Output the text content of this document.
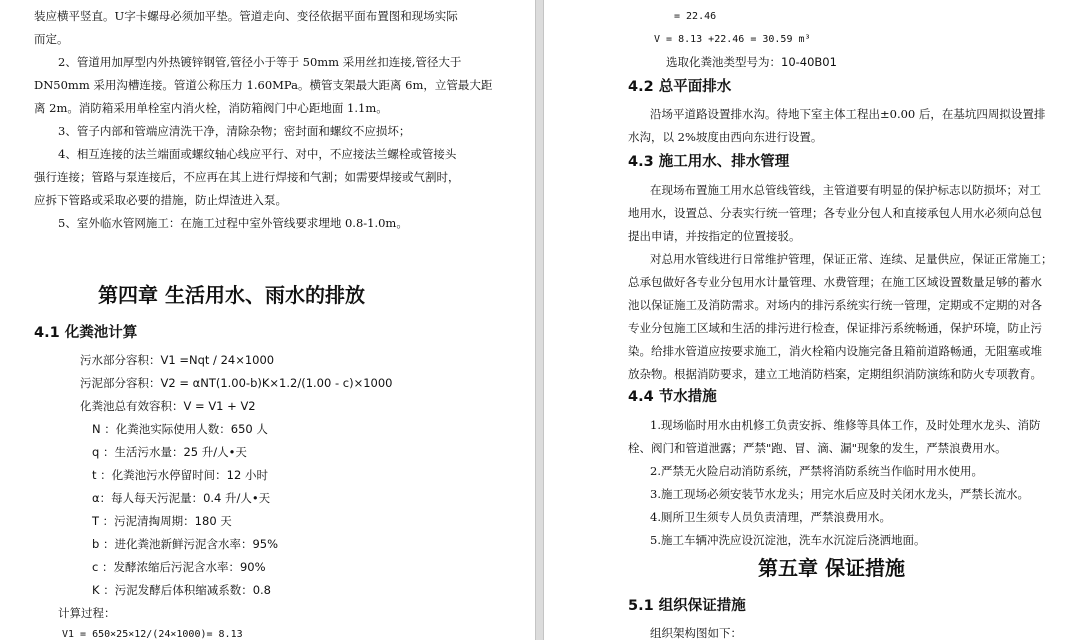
装应横平竖直。U字卡螺母必须加平垫。管道走向、变径依据平面布置图和现场实际
而定。
2、管道用加厚型内外热镀锌钢管,管径小于等于 50mm 采用丝扣连接,管径大于
DN50mm 采用沟槽连接。管道公称压力 1.60MPa。横管支架最大距离 6m，立管最大距
离 2m。消防箱采用单栓室内消火栓，消防箱阀门中心距地面 1.1m。
3、管子内部和管端应清洗干净，清除杂物；密封面和螺纹不应损坏；
4、相互连接的法兰端面或螺纹轴心线应平行、对中，不应接法兰螺栓或管接头
强行连接；管路与泵连接后，不应再在其上进行焊接和气割；如需要焊接或气割时，
应拆下管路或采取必要的措施，防止焊渣进入泵。
5、室外临水管网施工：在施工过程中室外管线要求埋地 0.8-1.0m。
第四章 生活用水、雨水的排放
4.1 化粪池计算
污水部分容积：V1 =Nqt / 24×1000
污泥部分容积：V2 = αNT(1.00-b)K×1.2/(1.00 - c)×1000
化粪池总有效容积：V = V1 + V2
N ：化粪池实际使用人数：650 人
q ：生活污水量：25 升/人•天
t ：化粪池污水停留时间：12 小时
α：每人每天污泥量：0.4 升/人•天
T ：污泥清掏周期：180 天
b ：进化粪池新鲜污泥含水率：95%
c ：发酵浓缩后污泥含水率：90%
K ：污泥发酵后体积缩减系数：0.8
计算过程：
V1 = 650×25×12/(24×1000)= 8.13
= 22.46
V = 8.13 +22.46 = 30.59 m³
选取化粪池类型号为：10-40B01
4.2 总平面排水
沿场平道路设置排水沟。待地下室主体工程出±0.00 后，在基坑四周拟设置排
水沟，以 2%坡度由西向东进行设置。
4.3 施工用水、排水管理
在现场布置施工用水总管线管线，主管道要有明显的保护标志以防损坏；对工
地用水，设置总、分表实行统一管理；各专业分包人和直接承包人用水必须向总包
提出申请，并按指定的位置接驳。
对总用水管线进行日常维护管理，保证正常、连续、足量供应，保证正常施工；
总承包做好各专业分包用水计量管理、水费管理；在施工区域设置数量足够的蓄水
池以保证施工及消防需求。对场内的排污系统实行统一管理，定期或不定期的对各
专业分包施工区域和生活的排污进行检查，保证排污系统畅通，保护环境，防止污
染。给排水管道应按要求施工，消火栓箱内设施完备且箱前道路畅通，无阻塞或堆
放杂物。根据消防要求，建立工地消防档案，定期组织消防演练和防火专项教育。
4.4 节水措施
1.现场临时用水由机修工负责安拆、维修等具体工作，及时处理水龙头、消防
栓、阀门和管道泄露；严禁"跑、冒、滴、漏"现象的发生，严禁浪费用水。
2.严禁无火险启动消防系统，严禁将消防系统当作临时用水使用。
3.施工现场必须安装节水龙头；用完水后应及时关闭水龙头，严禁长流水。
4.厕所卫生须专人员负责清理，严禁浪费用水。
5.施工车辆冲洗应设沉淀池，洗车水沉淀后浇洒地面。
第五章 保证措施
5.1 组织保证措施
组织架构图如下：
